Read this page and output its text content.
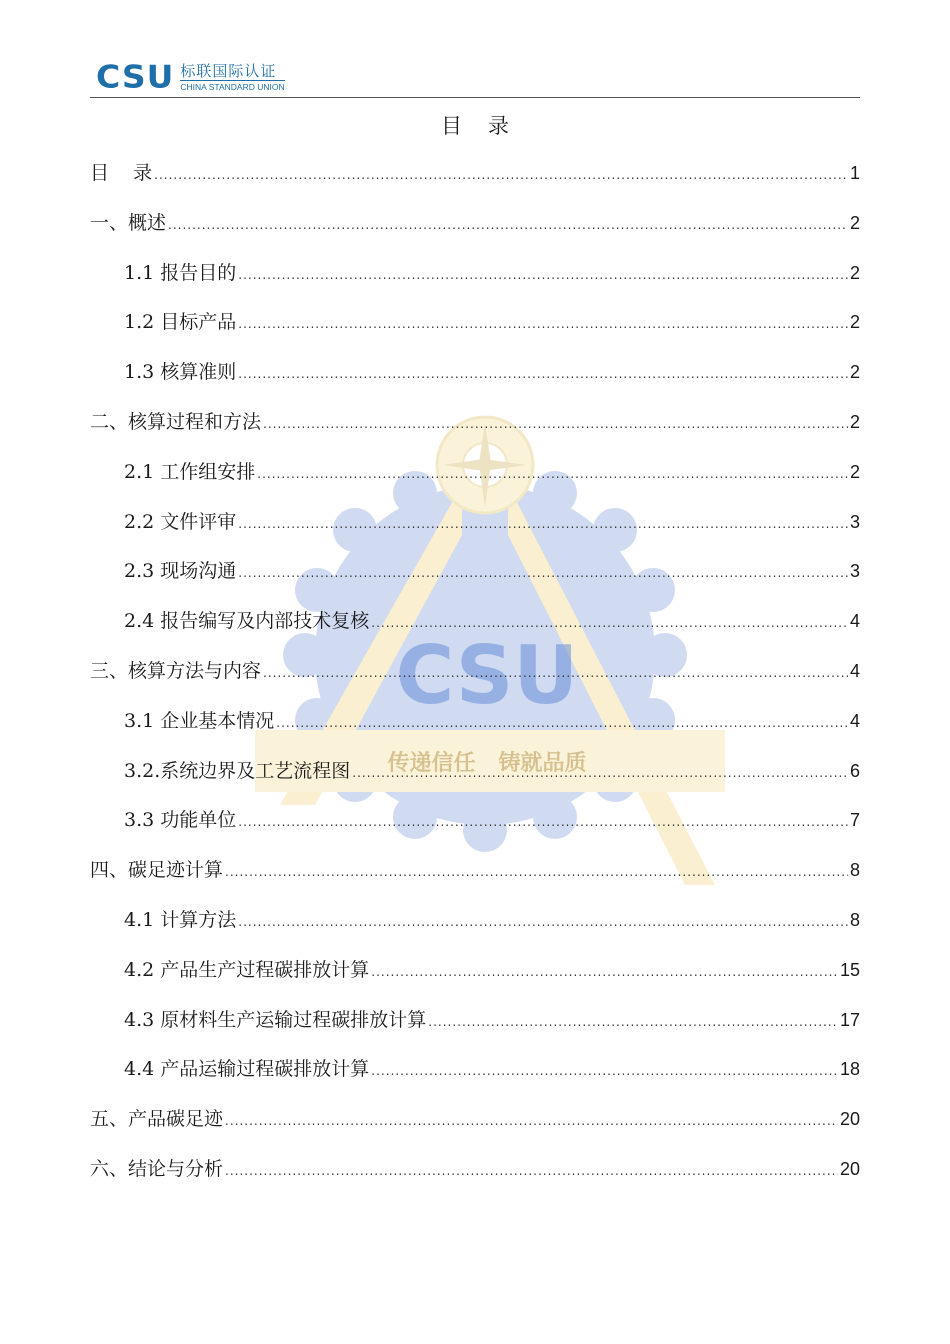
CSU 标联国际认证
CHINA STANDARD UNION
CSU
传递信任   铸就品质
目录
目    录 .....	1
一、概述 .....	2
1.1 报告目的 .....	2
1.2 目标产品 .....	2
1.3 核算准则 .....	2
二、核算过程和方法 .....	2
2.1 工作组安排 .....	2
2.2 文件评审 .....	3
2.3 现场沟通 .....	3
2.4 报告编写及内部技术复核 .....	4
三、核算方法与内容 .....	4
3.1 企业基本情况 .....	4
3.2.系统边界及工艺流程图 .....	6
3.3 功能单位 .....	7
四、碳足迹计算 .....	8
4.1 计算方法 .....	8
4.2 产品生产过程碳排放计算 .....	15
4.3 原材料生产运输过程碳排放计算 .....	17
4.4 产品运输过程碳排放计算 .....	18
五、产品碳足迹 .....	20
六、结论与分析 .....	20
